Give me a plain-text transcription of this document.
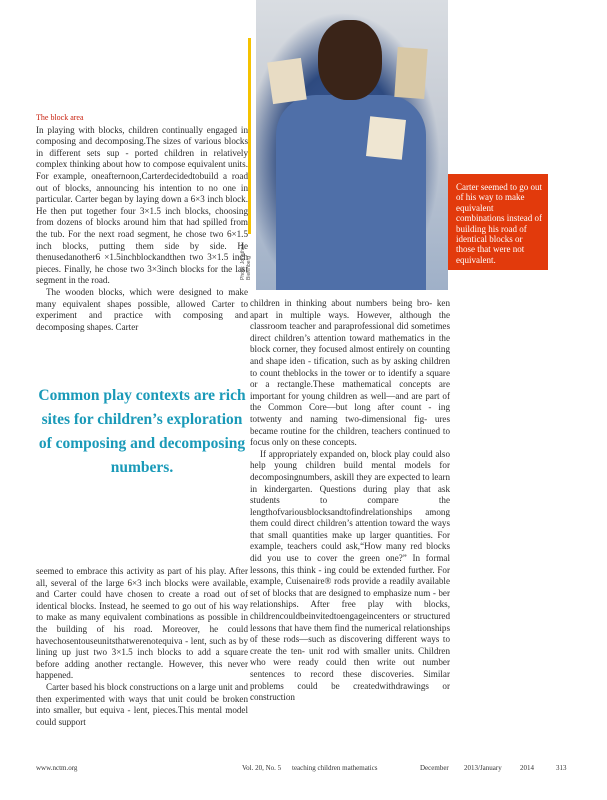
Photo: Jonathan Bielenberg
Carter seemed to go out of his way to make equivalent combinations instead of building his road of identical blocks or those that were not equivalent.
The block area

In playing with blocks, children continually engaged in composing and decomposing.The sizes of various blocks in different sets sup - ported children in relatively complex thinking about how to compose equivalent units. For example, oneafternoon,Carterdecidedtobuild a road out of blocks, announcing his intention to no one in particular. Carter began by laying down a 6×3 inch block. He then put together four 3×1.5 inch blocks, choosing from dozens of blocks around him that had spilled from the tub. For the next road segment, he chose two 6×1.5 inch blocks, putting them side by side. He thenusedanother6 ×1.5inchblockandthen two 3×1.5 inch pieces. Finally, he chose two 3×3inch blocks for the last segment in the road.

The wooden blocks, which were designed to make many equivalent shapes possible, allowed Carter to experiment and practice with composing and decomposing shapes. Carter

Common play contexts are rich sites for children’s exploration of composing and decomposing numbers.

seemed to embrace this activity as part of his play. After all, several of the large 6×3 inch blocks were available, and Carter could have chosen to create a road out of identical blocks. Instead, he seemed to go out of his way to make as many equivalent combinations as possible in the building of his road. Moreover, he could havechosentouseunitsthatwerenotequiva - lent, such as by lining up just two 3×1.5 inch blocks to add a square before adding another rectangle. However, this never happened.

Carter based his block constructions on a large unit and then experimented with ways that unit could be broken into smaller, but equiva - lent, pieces.This mental model could support

children in thinking about numbers being bro- ken apart in multiple ways. However, although the classroom teacher and paraprofessional did sometimes direct children’s attention toward mathematics in the block corner, they focused almost entirely on counting and shape iden - tification, such as by asking children to count theblocks in the tower or to identify a square or a rectangle.These mathematical concepts are important for young children as well—and are part of the Common Core—but long after count - ing totwenty and naming two-dimensional fig- ures became routine for the children, teachers continued to focus only on these concepts.

If appropriately expanded on, block play could also help young children build mental models for decomposingnumbers, askill they are expected to learn in kindergarten. Questions during play that ask students to compare the lengthofvariousblocksandtofindrelationships among them could direct children’s attention toward the ways that small quantities make up larger quantities. For example, teachers could ask,“How many red blocks did you use to cover the green one?” In formal lessons, this think - ing could be extended further. For example, Cuisenaire® rods provide a readily available set of blocks that are designed to emphasize num - ber relationships. After free play with blocks, childrencouldbeinvitedtoengageincenters or structured lessons that have them find the numerical relationships of these rods—such as discovering different ways to create the ten- unit rod with smaller units. Children who were ready could then write out number sentences to record these discoveries. Similar problems could be createdwithdrawings or construction

www.nctm.org	Vol. 20, No. 5 teaching children mathematics	December 2013/January	2014	313
